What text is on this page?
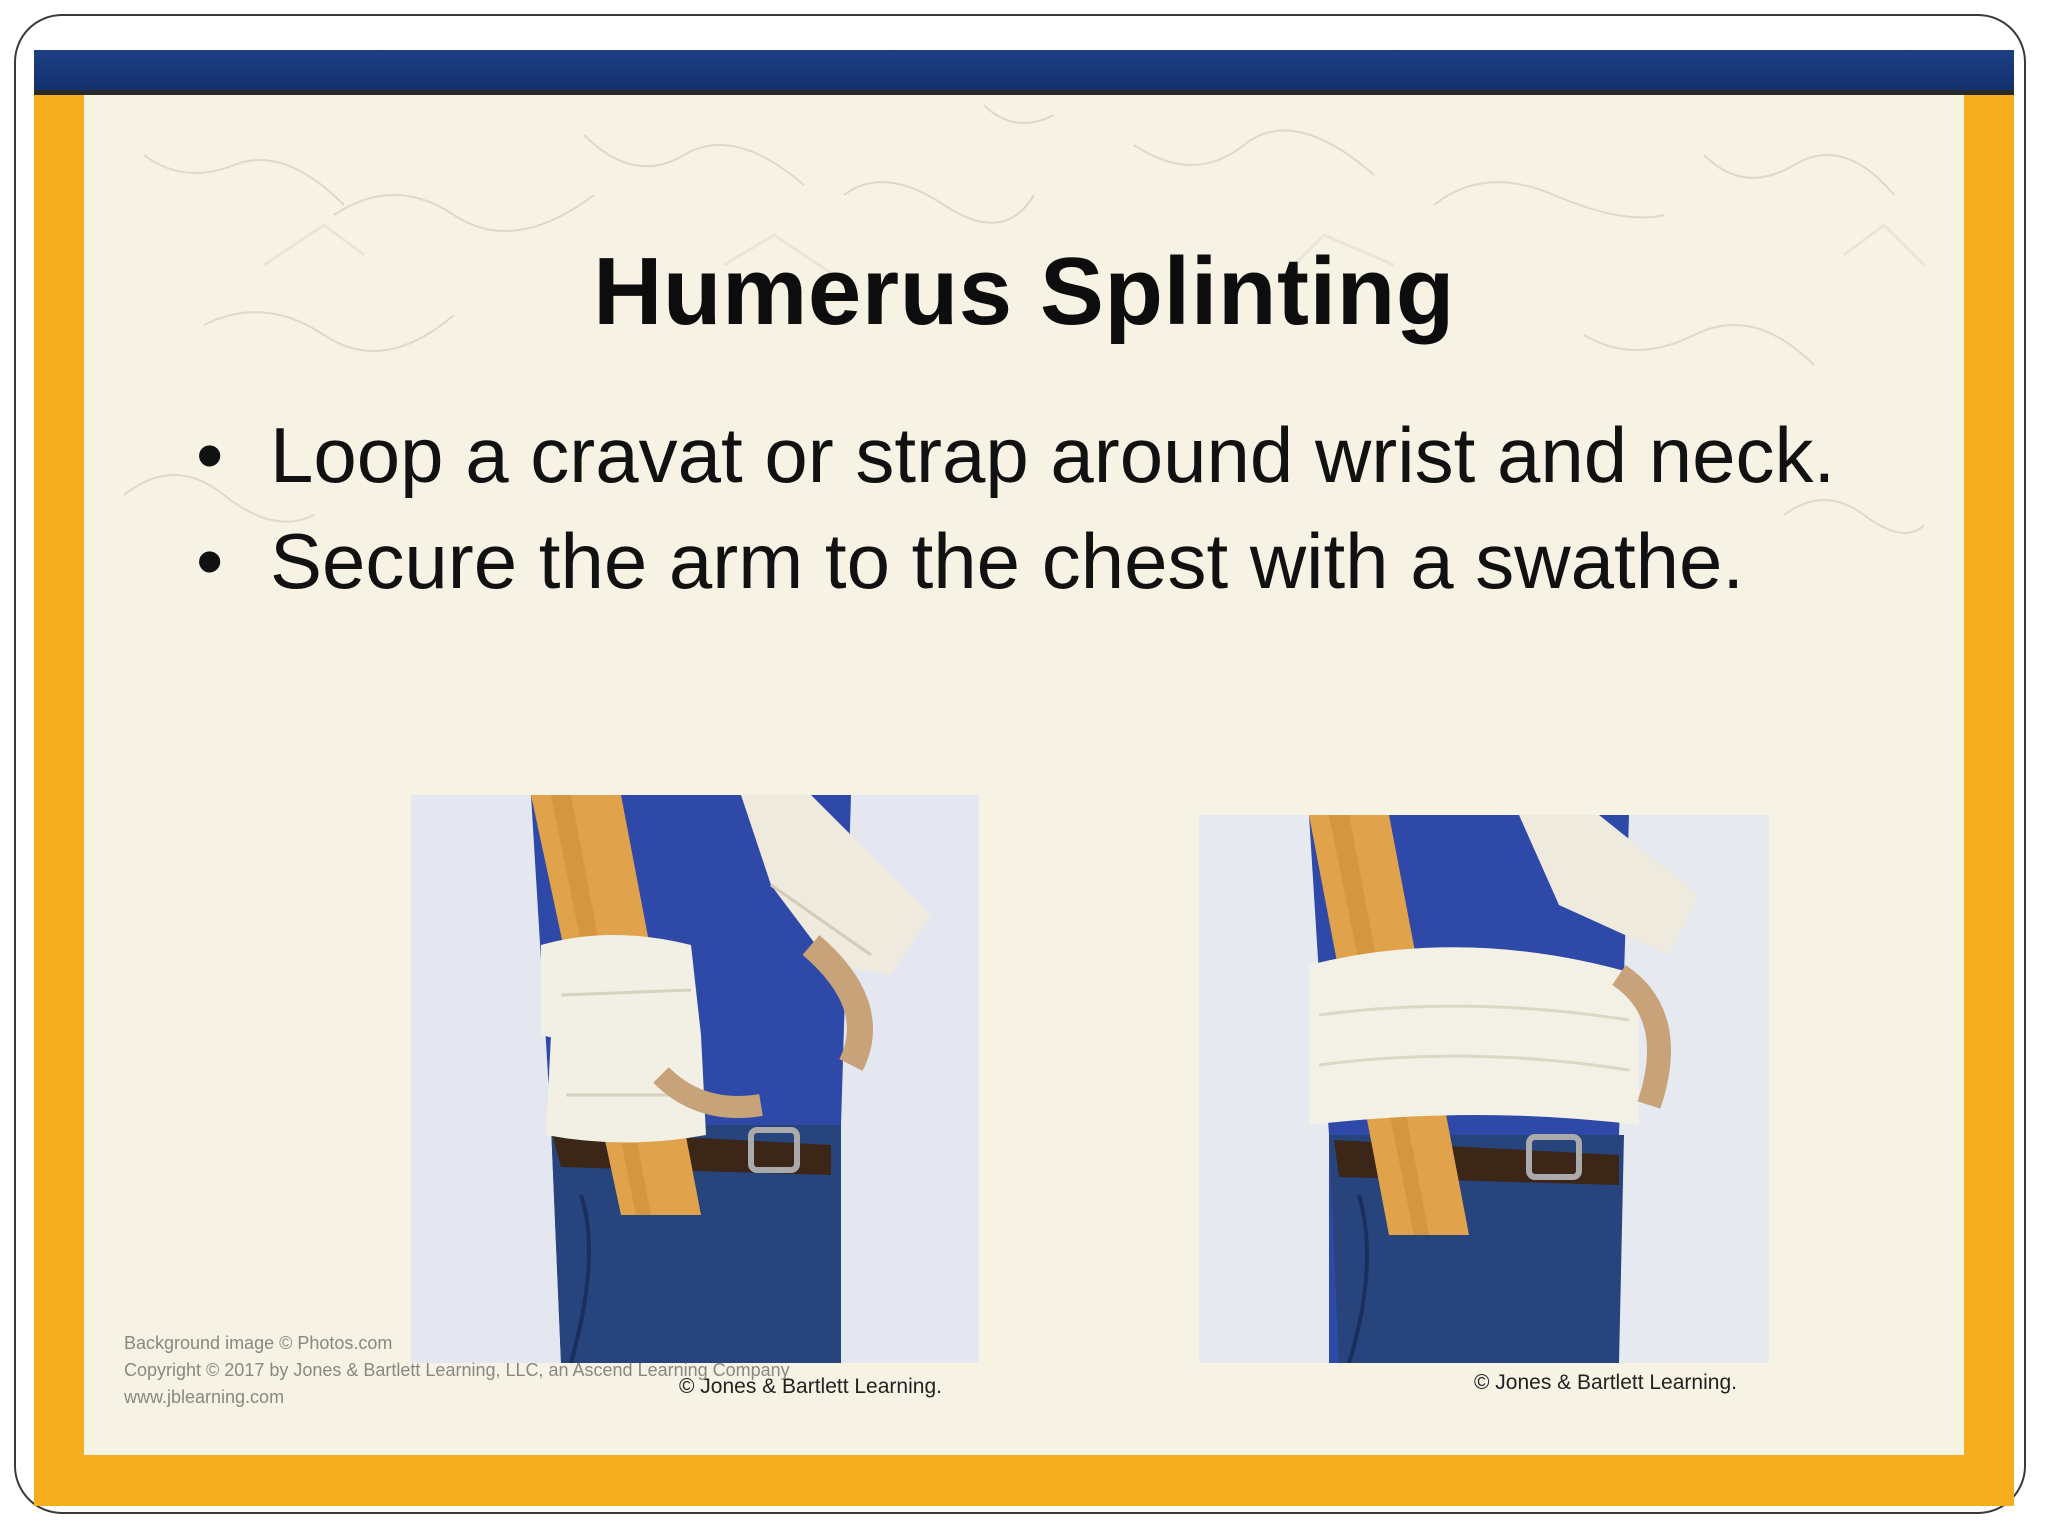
Humerus Splinting
• Loop a cravat or strap around wrist and neck.
• Secure the arm to the chest with a swathe.
© Jones & Bartlett Learning.	© Jones & Bartlett Learning.
Background image © Photos.com
Copyright © 2017 by Jones & Bartlett Learning, LLC, an Ascend Learning Company
www.jblearning.com
